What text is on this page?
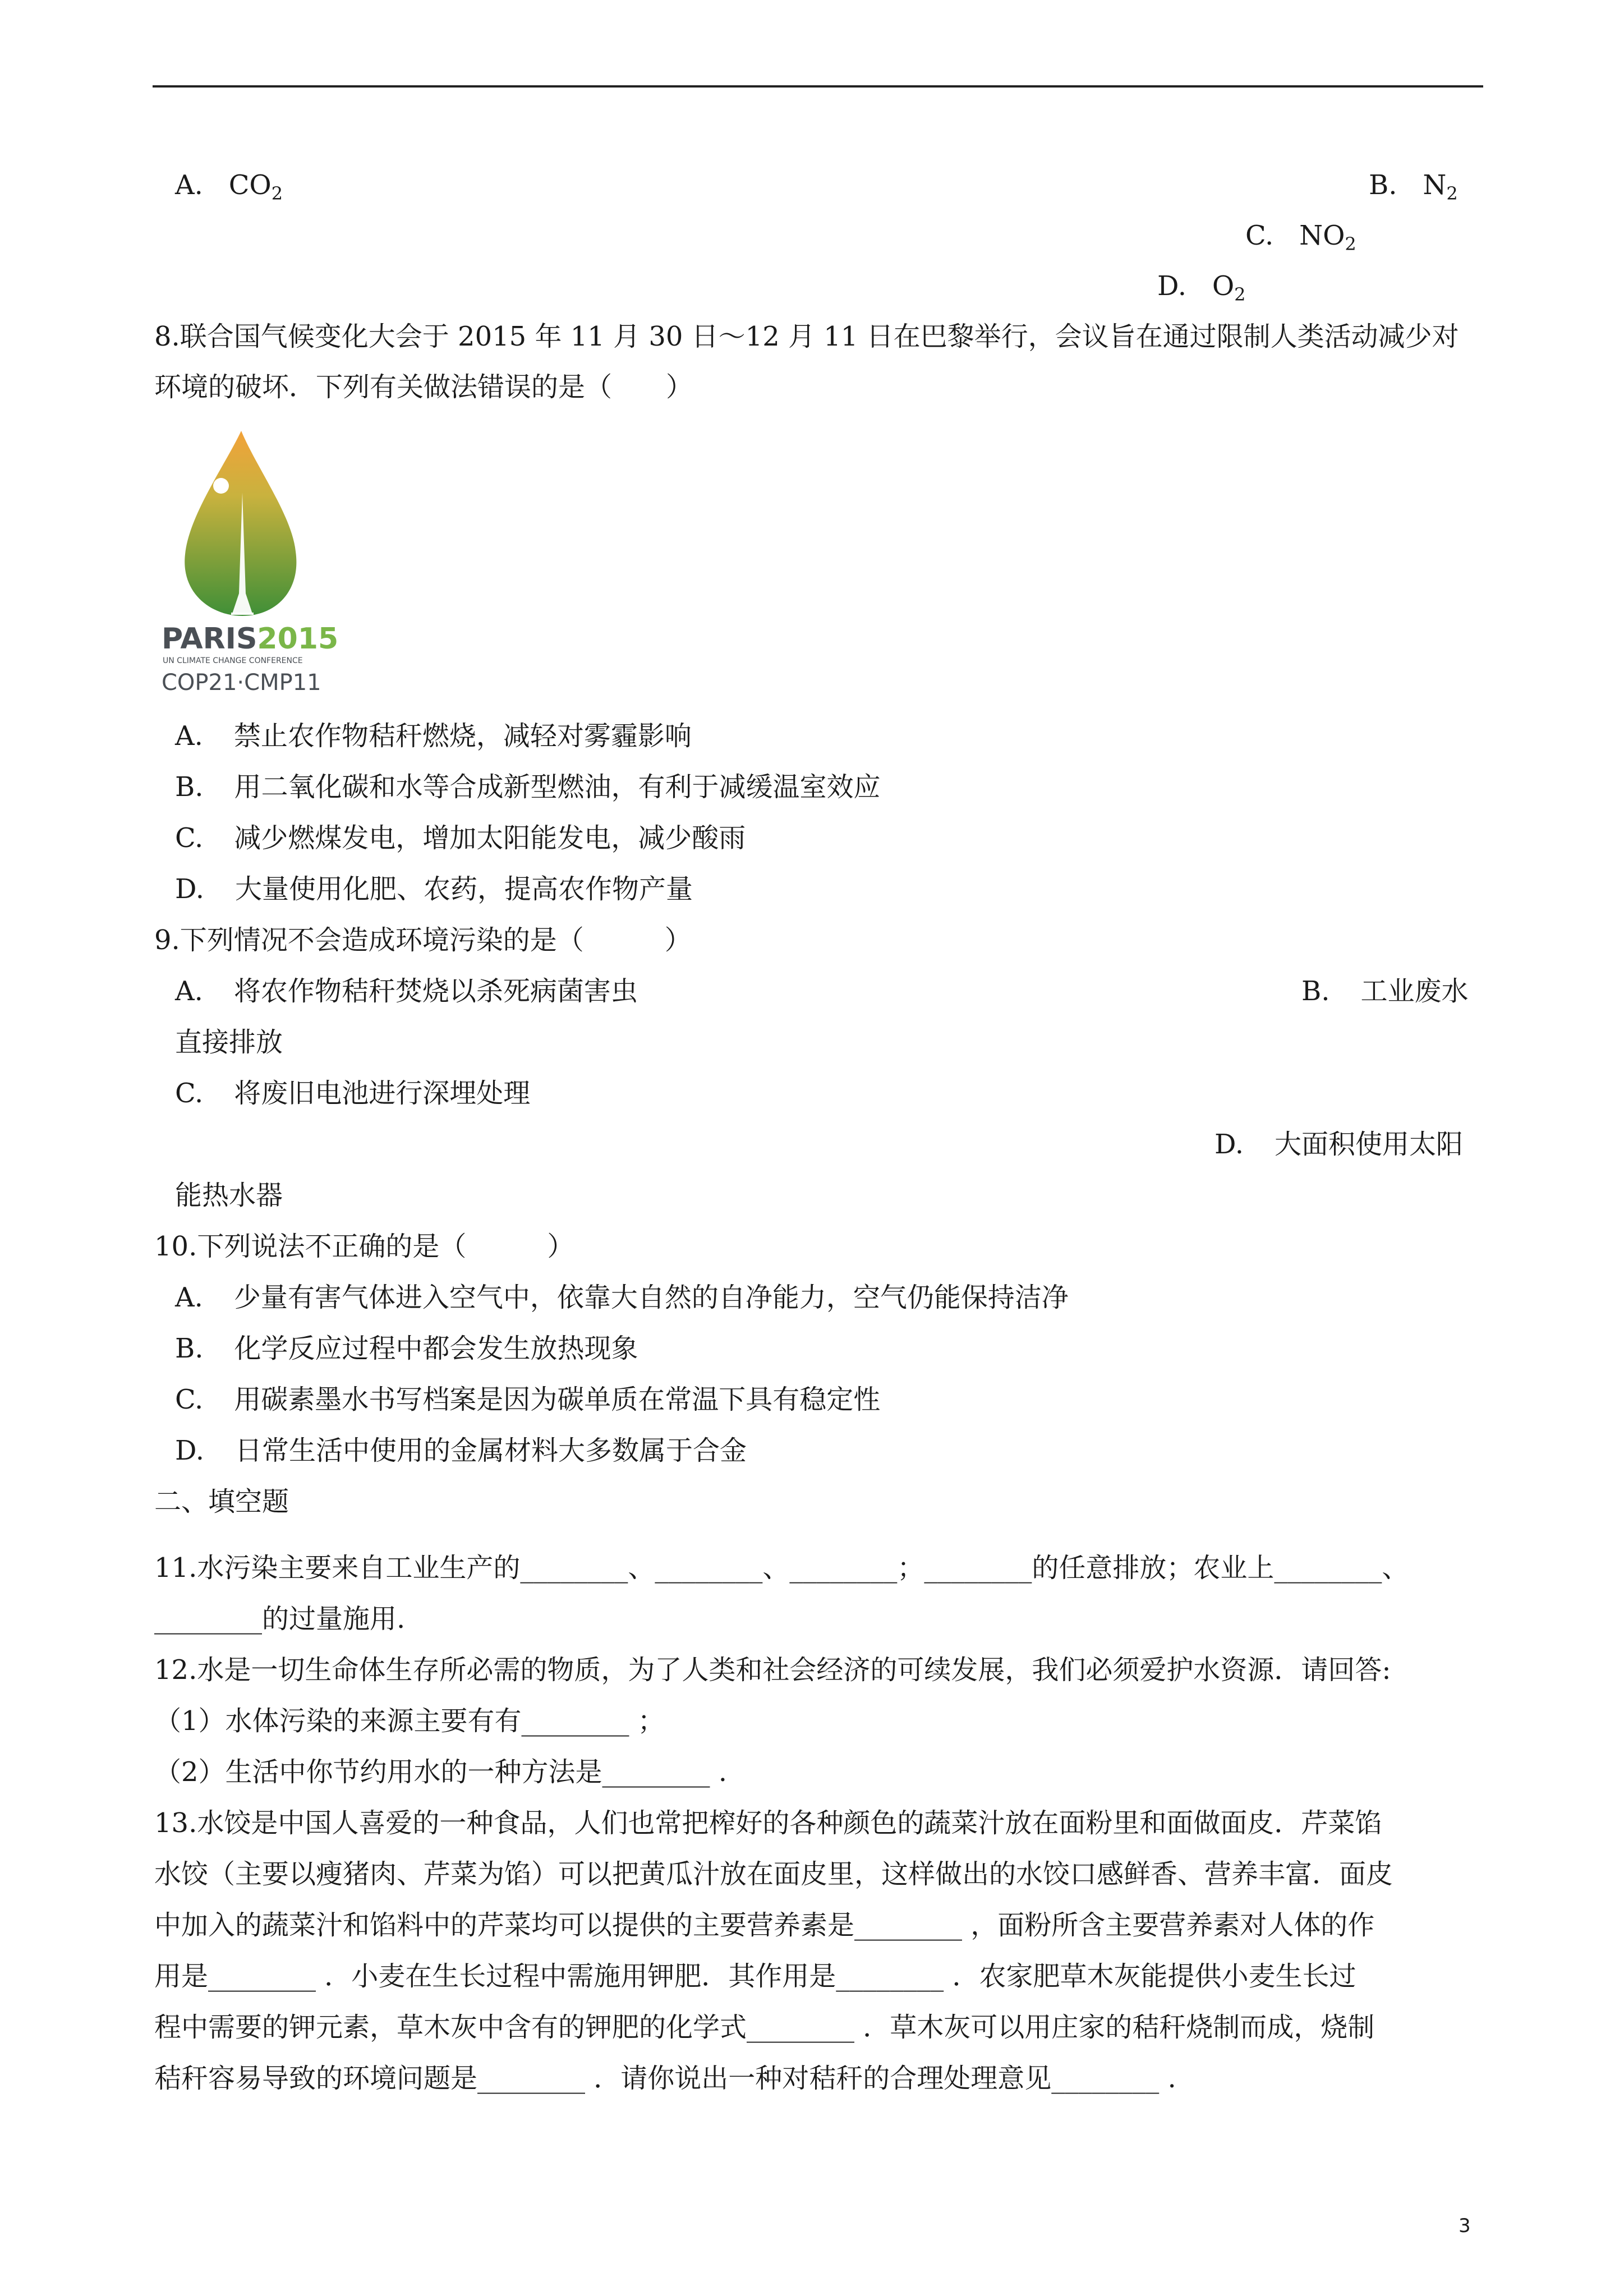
A. $CO_2$	B. $N_2$
C. $NO_2$
D. $O_2$
8.联合国气候变化大会于 2015 年 11 月 30 日～12 月 11 日在巴黎举行，会议旨在通过限制人类活动减少对
环境的破坏．下列有关做法错误的是（　　）
PARIS2015
UN CLIMATE CHANGE CONFERENCE
COP21·CMP11
A. 禁止农作物秸秆燃烧，减轻对雾霾影响
B. 用二氧化碳和水等合成新型燃油，有利于减缓温室效应
C. 减少燃煤发电，增加太阳能发电，减少酸雨
D. 大量使用化肥、农药，提高农作物产量
9.下列情况不会造成环境污染的是（　　　）
A. 将农作物秸秆焚烧以杀死病菌害虫	B. 工业废水
直接排放
C. 将废旧电池进行深埋处理
D. 大面积使用太阳
能热水器
10.下列说法不正确的是（　　　）
A. 少量有害气体进入空气中，依靠大自然的自净能力，空气仍能保持洁净
B. 化学反应过程中都会发生放热现象
C. 用碳素墨水书写档案是因为碳单质在常温下具有稳定性
D. 日常生活中使用的金属材料大多数属于合金
二、填空题
11.水污染主要来自工业生产的________、________、________；________的任意排放；农业上________、
________的过量施用.
12.水是一切生命体生存所必需的物质，为了人类和社会经济的可续发展，我们必须爱护水资源．请回答:
（1）水体污染的来源主要有有________ ；
（2）生活中你节约用水的一种方法是________ .
13.水饺是中国人喜爱的一种食品，人们也常把榨好的各种颜色的蔬菜汁放在面粉里和面做面皮．芹菜馅
水饺（主要以瘦猪肉、芹菜为馅）可以把黄瓜汁放在面皮里，这样做出的水饺口感鲜香、营养丰富．面皮
中加入的蔬菜汁和馅料中的芹菜均可以提供的主要营养素是________ ，面粉所含主要营养素对人体的作
用是________ ．小麦在生长过程中需施用钾肥．其作用是________ ．农家肥草木灰能提供小麦生长过
程中需要的钾元素，草木灰中含有的钾肥的化学式________ ．草木灰可以用庄家的秸秆烧制而成，烧制
秸秆容易导致的环境问题是________ ．请你说出一种对秸秆的合理处理意见________ .
3
